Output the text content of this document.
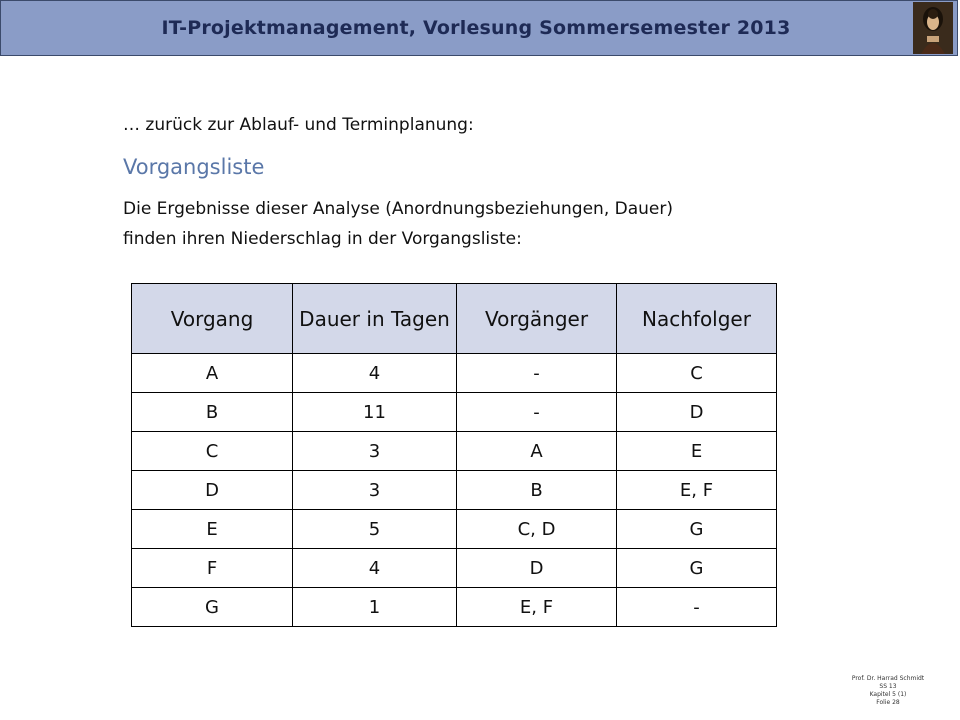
IT-Projektmanagement, Vorlesung Sommersemester 2013
… zurück zur Ablauf- und Terminplanung:
Vorgangsliste
Die Ergebnisse dieser Analyse (Anordnungsbeziehungen, Dauer)
finden ihren Niederschlag in der Vorgangsliste:
Vorgang	Dauer in Tagen	Vorgänger	Nachfolger
A	4	-	C
B	11	-	D
C	3	A	E
D	3	B	E, F
E	5	C, D	G
F	4	D	G
G	1	E, F	-
Prof. Dr. Harrad Schmidt
SS 13
Kapitel 5 (1)
Folie 28
